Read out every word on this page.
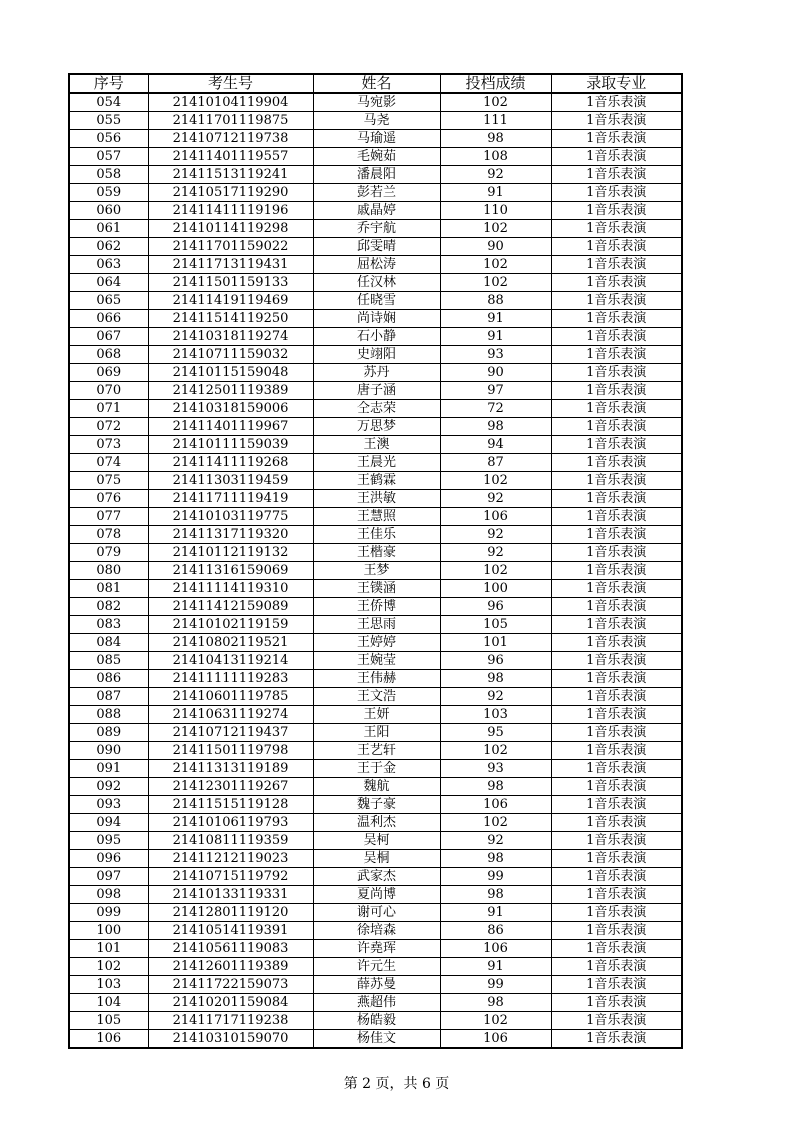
序号	考生号	姓名	投档成绩	录取专业
054	21410104119904	马宛影	102	1音乐表演
055	21411701119875	马尧	111	1音乐表演
056	21410712119738	马瑜遥	98	1音乐表演
057	21411401119557	毛婉茹	108	1音乐表演
058	21411513119241	潘晨阳	92	1音乐表演
059	21410517119290	彭若兰	91	1音乐表演
060	21411411119196	戚晶婷	110	1音乐表演
061	21410114119298	乔宇航	102	1音乐表演
062	21411701159022	邱雯晴	90	1音乐表演
063	21411713119431	屈松涛	102	1音乐表演
064	21411501159133	任汉林	102	1音乐表演
065	21411419119469	任晓雪	88	1音乐表演
066	21411514119250	尚诗娴	91	1音乐表演
067	21410318119274	石小静	91	1音乐表演
068	21410711159032	史翊阳	93	1音乐表演
069	21410115159048	苏丹	90	1音乐表演
070	21412501119389	唐子涵	97	1音乐表演
071	21410318159006	仝志荣	72	1音乐表演
072	21411401119967	万思梦	98	1音乐表演
073	21410111159039	王澳	94	1音乐表演
074	21411411119268	王晨光	87	1音乐表演
075	21411303119459	王鹤霖	102	1音乐表演
076	21411711119419	王洪敏	92	1音乐表演
077	21410103119775	王慧照	106	1音乐表演
078	21411317119320	王佳乐	92	1音乐表演
079	21410112119132	王楷豪	92	1音乐表演
080	21411316159069	王梦	102	1音乐表演
081	21411114119310	王镤涵	100	1音乐表演
082	21411412159089	王侨博	96	1音乐表演
083	21410102119159	王思雨	105	1音乐表演
084	21410802119521	王婷婷	101	1音乐表演
085	21410413119214	王婉莹	96	1音乐表演
086	21411111119283	王伟赫	98	1音乐表演
087	21410601119785	王文浩	92	1音乐表演
088	21410631119274	王妍	103	1音乐表演
089	21410712119437	王阳	95	1音乐表演
090	21411501119798	王艺轩	102	1音乐表演
091	21411313119189	王于金	93	1音乐表演
092	21412301119267	魏航	98	1音乐表演
093	21411515119128	魏子豪	106	1音乐表演
094	21410106119793	温利杰	102	1音乐表演
095	21410811119359	吴柯	92	1音乐表演
096	21411212119023	吴桐	98	1音乐表演
097	21410715119792	武家杰	99	1音乐表演
098	21410133119331	夏尚博	98	1音乐表演
099	21412801119120	谢可心	91	1音乐表演
100	21410514119391	徐培森	86	1音乐表演
101	21410561119083	许堯珲	106	1音乐表演
102	21412601119389	许元生	91	1音乐表演
103	21411722159073	薛苏曼	99	1音乐表演
104	21410201159084	燕超伟	98	1音乐表演
105	21411717119238	杨皓毅	102	1音乐表演
106	21410310159070	杨佳文	106	1音乐表演
第 2 页，共 6 页
